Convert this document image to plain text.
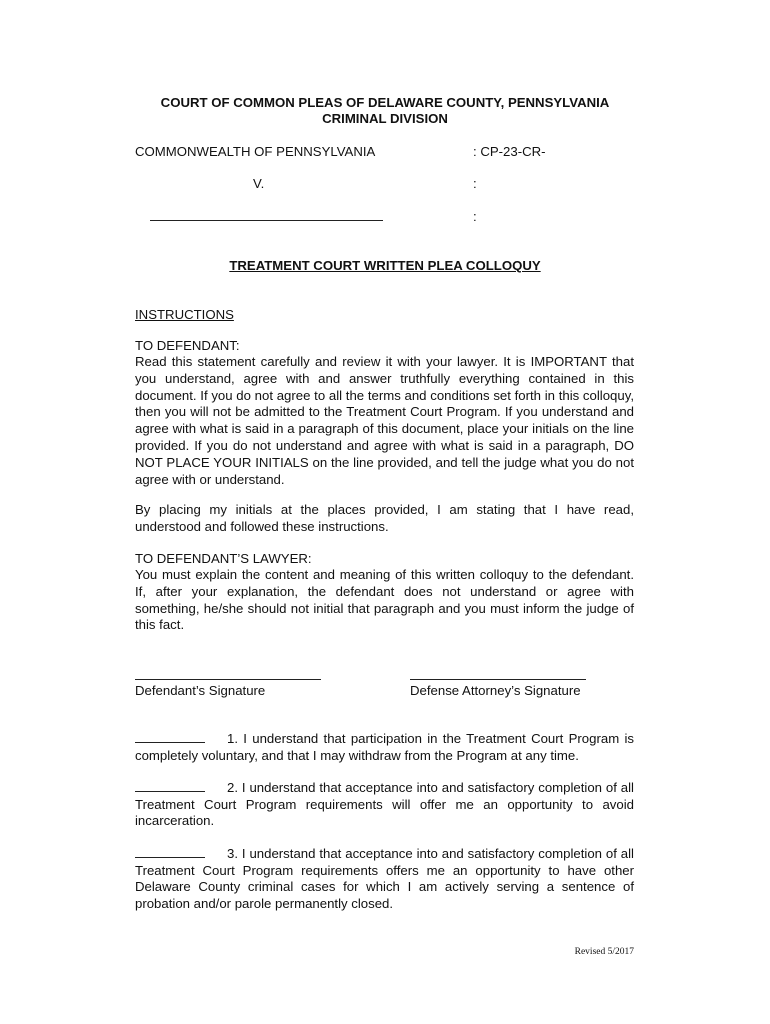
COURT OF COMMON PLEAS OF DELAWARE COUNTY, PENNSYLVANIA
CRIMINAL DIVISION
COMMONWEALTH OF PENNSYLVANIA	: CP-23-CR-
V.	:
:
TREATMENT COURT WRITTEN PLEA COLLOQUY
INSTRUCTIONS
TO DEFENDANT:

Read this statement carefully and review it with your lawyer. It is IMPORTANT that you understand, agree with and answer truthfully everything contained in this document. If you do not agree to all the terms and conditions set forth in this colloquy, then you will not be admitted to the Treatment Court Program. If you understand and agree with what is said in a paragraph of this document, place your initials on the line provided. If you do not understand and agree with what is said in a paragraph, DO NOT PLACE YOUR INITIALS on the line provided, and tell the judge what you do not agree with or understand.

By placing my initials at the places provided, I am stating that I have read, understood and followed these instructions.

TO DEFENDANT’S LAWYER:

You must explain the content and meaning of this written colloquy to the defendant. If, after your explanation, the defendant does not understand or agree with something, he/she should not initial that paragraph and you must inform the judge of this fact.

Defendant’s Signature	Defense Attorney’s Signature

1. I understand that participation in the Treatment Court Program is completely voluntary, and that I may withdraw from the Program at any time.

2. I understand that acceptance into and satisfactory completion of all Treatment Court Program requirements will offer me an opportunity to avoid incarceration.

3. I understand that acceptance into and satisfactory completion of all Treatment Court Program requirements offers me an opportunity to have other Delaware County criminal cases for which I am actively serving a sentence of probation and/or parole permanently closed.

Revised 5/2017
